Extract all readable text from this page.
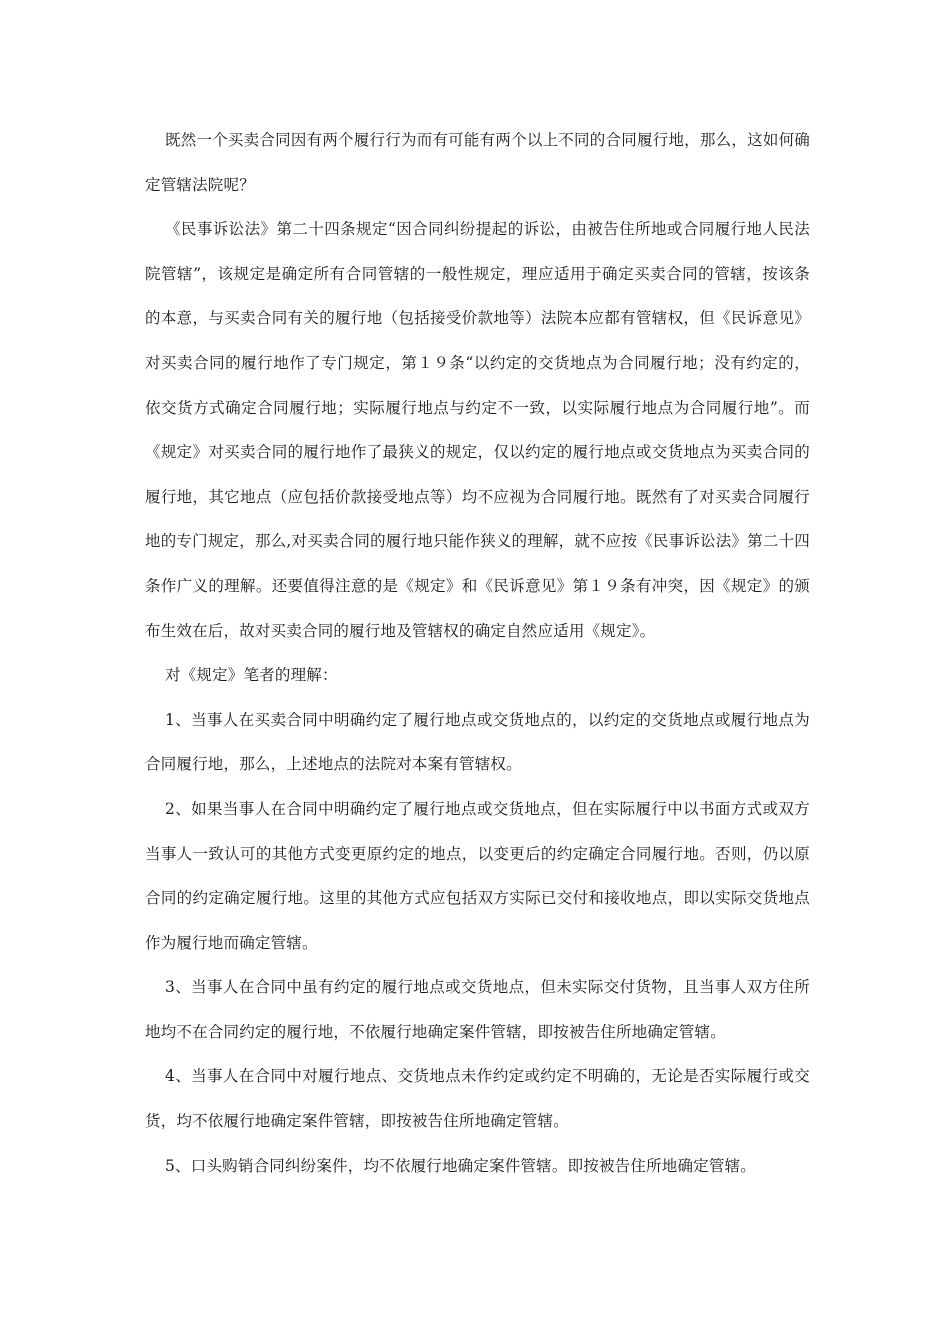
既然一个买卖合同因有两个履行行为而有可能有两个以上不同的合同履行地，那么，这如何确定管辖法院呢？

《民事诉讼法》第二十四条规定“因合同纠纷提起的诉讼，由被告住所地或合同履行地人民法院管辖”，该规定是确定所有合同管辖的一般性规定，理应适用于确定买卖合同的管辖，按该条的本意，与买卖合同有关的履行地（包括接受价款地等）法院本应都有管辖权，但《民诉意见》对买卖合同的履行地作了专门规定，第１９条“以约定的交货地点为合同履行地；没有约定的，依交货方式确定合同履行地；实际履行地点与约定不一致，以实际履行地点为合同履行地”。而《规定》对买卖合同的履行地作了最狭义的规定，仅以约定的履行地点或交货地点为买卖合同的履行地，其它地点（应包括价款接受地点等）均不应视为合同履行地。既然有了对买卖合同履行地的专门规定，那么,对买卖合同的履行地只能作狭义的理解，就不应按《民事诉讼法》第二十四条作广义的理解。还要值得注意的是《规定》和《民诉意见》第１９条有冲突，因《规定》的颁布生效在后，故对买卖合同的履行地及管辖权的确定自然应适用《规定》。

对《规定》笔者的理解：

1、当事人在买卖合同中明确约定了履行地点或交货地点的，以约定的交货地点或履行地点为合同履行地，那么，上述地点的法院对本案有管辖权。

2、如果当事人在合同中明确约定了履行地点或交货地点，但在实际履行中以书面方式或双方当事人一致认可的其他方式变更原约定的地点，以变更后的约定确定合同履行地。否则，仍以原合同的约定确定履行地。这里的其他方式应包括双方实际已交付和接收地点，即以实际交货地点作为履行地而确定管辖。

3、当事人在合同中虽有约定的履行地点或交货地点，但未实际交付货物，且当事人双方住所地均不在合同约定的履行地，不依履行地确定案件管辖，即按被告住所地确定管辖。

4、当事人在合同中对履行地点、交货地点未作约定或约定不明确的，无论是否实际履行或交货，均不依履行地确定案件管辖，即按被告住所地确定管辖。

5、口头购销合同纠纷案件，均不依履行地确定案件管辖。即按被告住所地确定管辖。
